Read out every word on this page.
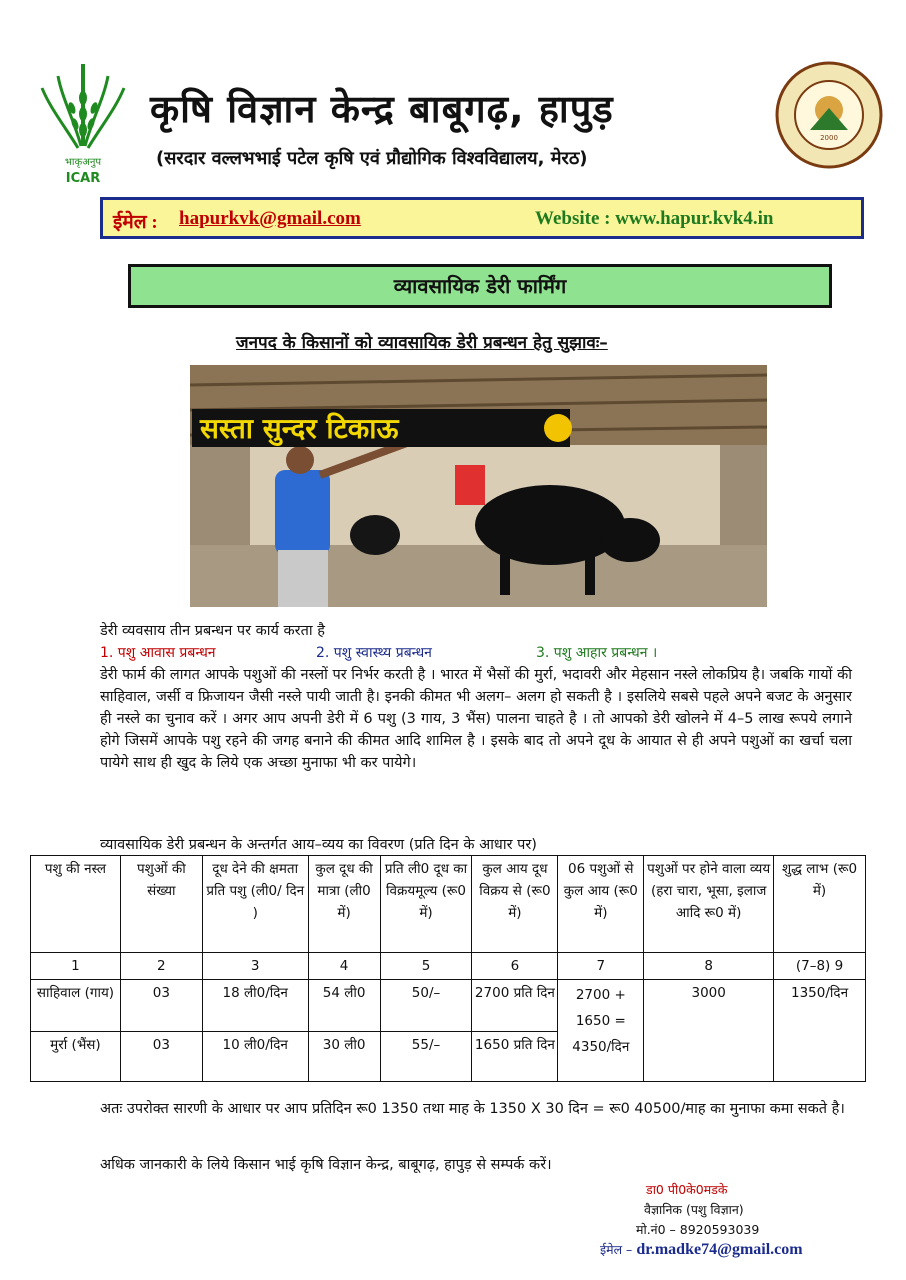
भाकृअनुप
ICAR
कृषि विज्ञान केन्द्र बाबूगढ़, हापुड़
(सरदार वल्लभभाई पटेल कृषि एवं प्रौद्योगिक विश्वविद्यालय, मेरठ)
2000
ईमेल : hapurkvk@gmail.com	Website : www.hapur.kvk4.in
व्यावसायिक डेरी फार्मिंग
जनपद के किसानों को व्यावसायिक डेरी प्रबन्धन हेतु सुझावः–
सस्ता सुन्दर टिकाऊ
डेरी व्यवसाय तीन प्रबन्धन पर कार्य करता है
1. पशु आवास प्रबन्धन	2. पशु स्वास्थ्य प्रबन्धन	3. पशु आहार प्रबन्धन ।
डेरी फार्म की लागत आपके पशुओं की नस्लों पर निर्भर करती है । भारत में भैसों की मुर्रा, भदावरी और मेहसान नस्ले लोकप्रिय है। जबकि गायों की साहिवाल, जर्सी व फ्रिजायन जैसी नस्ले पायी जाती है। इनकी कीमत भी अलग– अलग हो सकती है । इसलिये सबसे पहले अपने बजट के अनुसार ही नस्ले का चुनाव करें । अगर आप अपनी डेरी में 6 पशु (3 गाय, 3 भैंस) पालना चाहते है । तो आपको डेरी खोलने में 4–5 लाख रूपये लगाने होगे जिसमें आपके पशु रहने की जगह बनाने की कीमत आदि शामिल है । इसके बाद तो अपने दूध के आयात से ही अपने पशुओं का खर्चा चला पायेगे साथ ही खुद के लिये एक अच्छा मुनाफा भी कर पायेगे।
व्यावसायिक डेरी प्रबन्धन के अन्तर्गत आय–व्यय का विवरण (प्रति दिन के आधार पर)
पशु की नस्ल	पशुओं की संख्या	दूध देने की क्षमता प्रति पशु (ली0/ दिन )	कुल दूध की मात्रा (ली0 में)	प्रति ली0 दूध का विक्रयमूल्य (रू0 में)	कुल आय दूध विक्रय से (रू0 में)	06 पशुओं से कुल आय (रू0 में)	पशुओं पर होने वाला व्यय (हरा चारा, भूसा, इलाज आदि रू0 में)	शुद्ध लाभ (रू0 में)
1	2	3	4	5	6	7	8	(7–8) 9
साहिवाल (गाय)	03	18 ली0/दिन	54 ली0	50/–	2700 प्रति दिन	2700 + 1650 = 4350/दिन	3000	1350/दिन
मुर्रा (भैंस)	03	10 ली0/दिन	30 ली0	55/–	1650 प्रति दिन			
अतः उपरोक्त सारणी के आधार पर आप प्रतिदिन रू0 1350 तथा माह के 1350 X 30 दिन = रू0 40500/माह का मुनाफा कमा सकते है।
अधिक जानकारी के लिये किसान भाई कृषि विज्ञान केन्द्र, बाबूगढ़, हापुड़ से सम्पर्क करें।
डा0 पी0के0मडके
वैज्ञानिक (पशु विज्ञान)
मो.नं0 – 8920593039
ईमेल – dr.madke74@gmail.com
